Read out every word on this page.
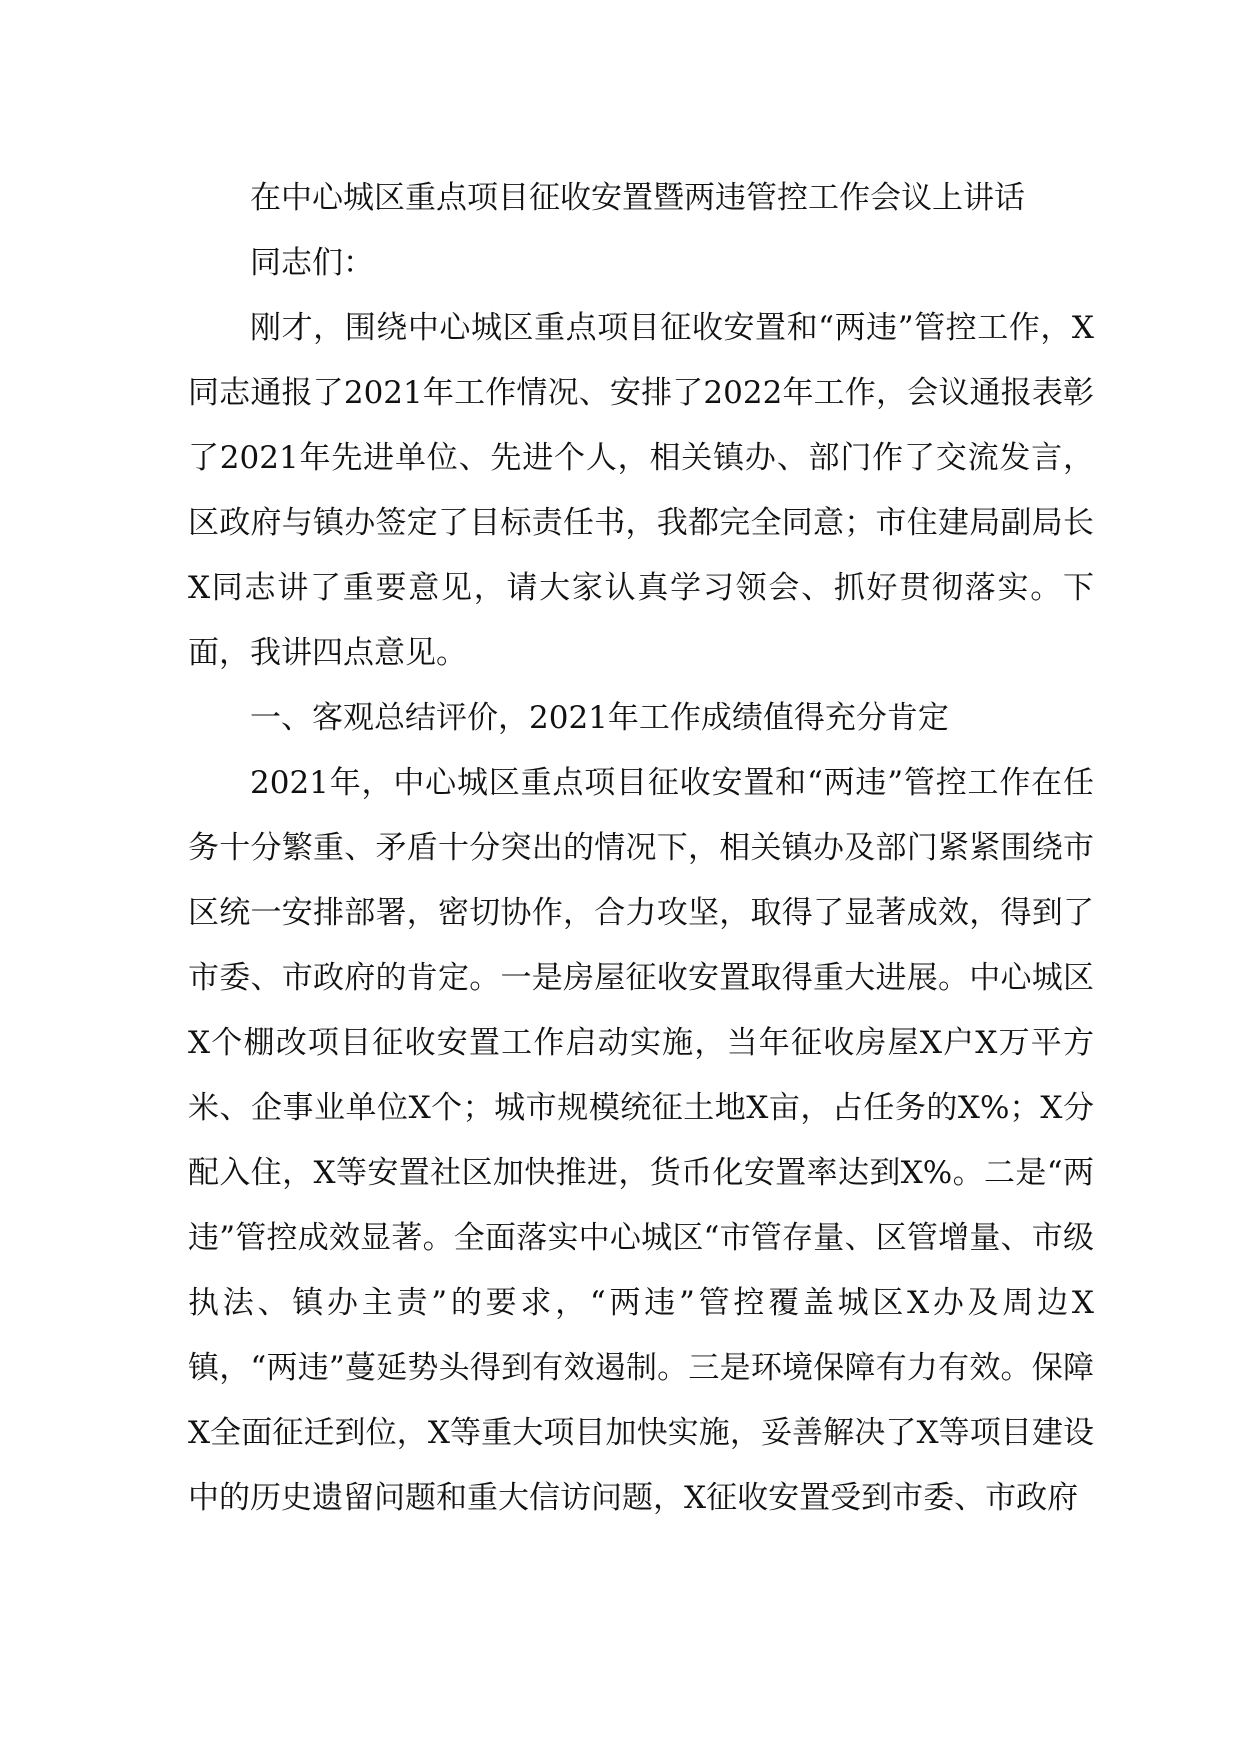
在中心城区重点项目征收安置暨两违管控工作会议上讲话

同志们：

刚才，围绕中心城区重点项目征收安置和“两违”管控工作，X同志通报了2021年工作情况、安排了2022年工作，会议通报表彰了2021年先进单位、先进个人，相关镇办、部门作了交流发言，区政府与镇办签定了目标责任书，我都完全同意；市住建局副局长X同志讲了重要意见，请大家认真学习领会、抓好贯彻落实。下面，我讲四点意见。

一、客观总结评价，2021年工作成绩值得充分肯定

2021年，中心城区重点项目征收安置和“两违”管控工作在任务十分繁重、矛盾十分突出的情况下，相关镇办及部门紧紧围绕市区统一安排部署，密切协作，合力攻坚，取得了显著成效，得到了市委、市政府的肯定。一是房屋征收安置取得重大进展。中心城区X个棚改项目征收安置工作启动实施，当年征收房屋X户X万平方米、企事业单位X个；城市规模统征土地X亩，占任务的X%；X分配入住，X等安置社区加快推进，货币化安置率达到X%。二是“两违”管控成效显著。全面落实中心城区“市管存量、区管增量、市级执法、镇办主责”的要求，“两违”管控覆盖城区X办及周边X镇，“两违”蔓延势头得到有效遏制。三是环境保障有力有效。保障X全面征迁到位，X等重大项目加快实施，妥善解决了X等项目建设中的历史遗留问题和重大信访问题，X征收安置受到市委、市政府
